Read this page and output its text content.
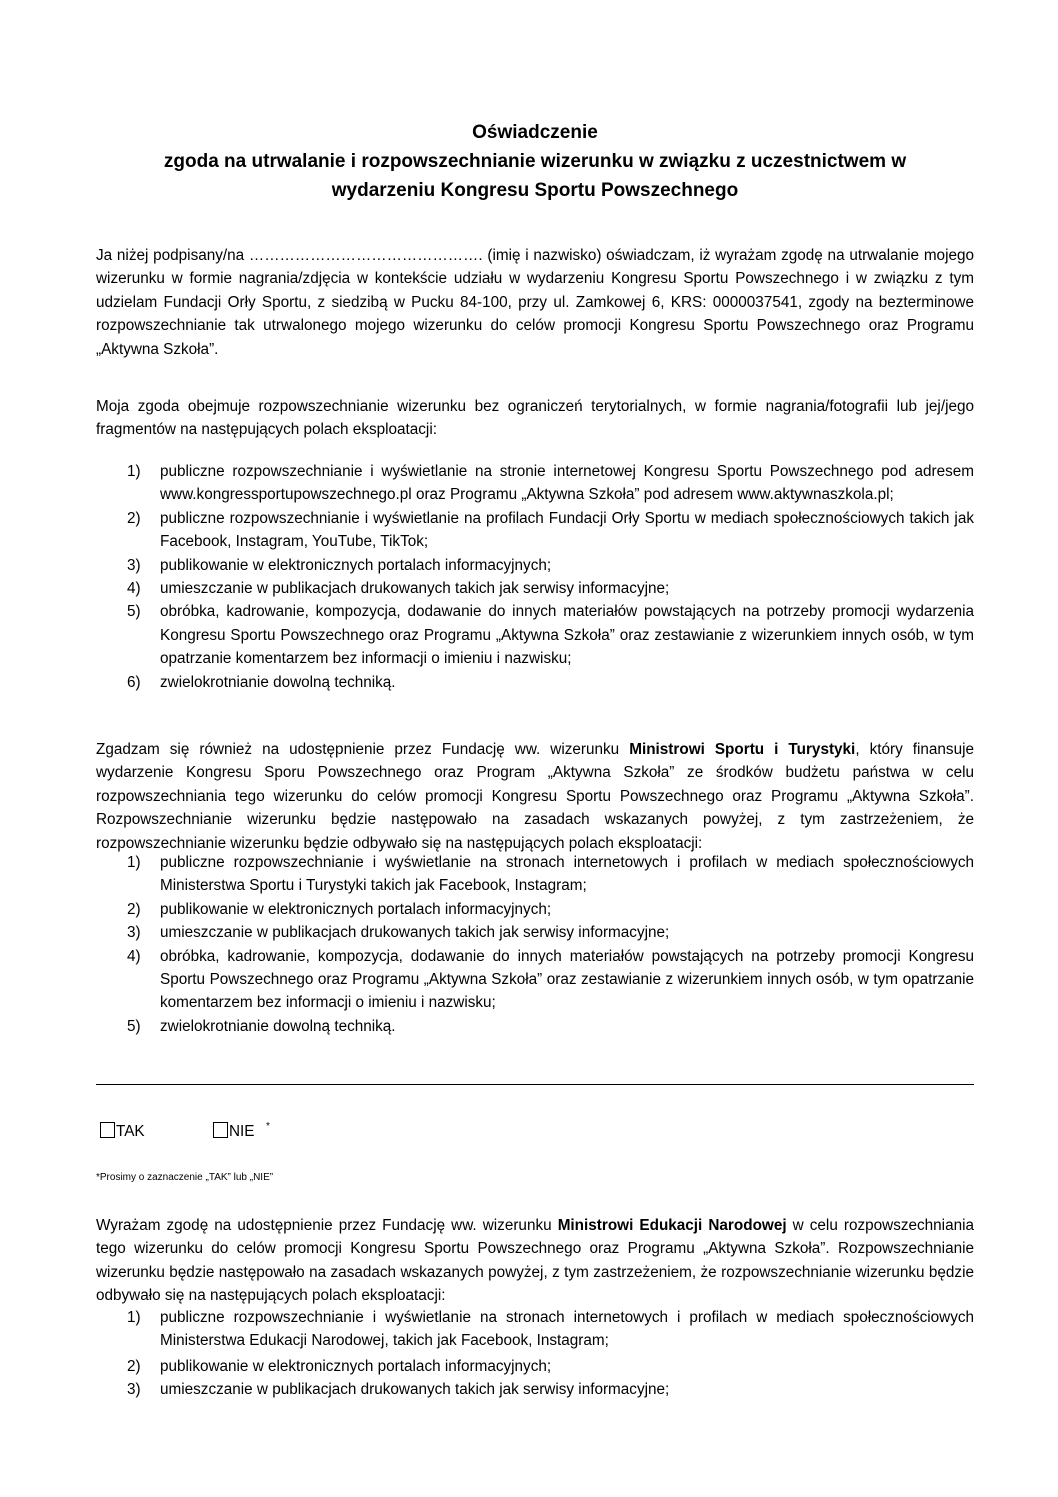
Oświadczenie
zgoda na utrwalanie i rozpowszechnianie wizerunku w związku z uczestnictwem w
wydarzeniu Kongresu Sportu Powszechnego

Ja niżej podpisany/na ………………………………………. (imię i nazwisko) oświadczam, iż wyrażam zgodę na utrwalanie mojego wizerunku w formie nagrania/zdjęcia w kontekście udziału w wydarzeniu Kongresu Sportu Powszechnego i w związku z tym udzielam Fundacji Orły Sportu, z siedzibą w Pucku 84-100, przy ul. Zamkowej 6, KRS: 0000037541, zgody na bezterminowe rozpowszechnianie tak utrwalonego mojego wizerunku do celów promocji Kongresu Sportu Powszechnego oraz Programu „Aktywna Szkoła”.

Moja zgoda obejmuje rozpowszechnianie wizerunku bez ograniczeń terytorialnych, w formie nagrania/fotografii lub jej/jego fragmentów na następujących polach eksploatacji:

1) publiczne rozpowszechnianie i wyświetlanie na stronie internetowej Kongresu Sportu Powszechnego pod adresem www.kongressportupowszechnego.pl oraz Programu „Aktywna Szkoła” pod adresem www.aktywnaszkola.pl;
2) publiczne rozpowszechnianie i wyświetlanie na profilach Fundacji Orły Sportu w mediach społecznościowych takich jak Facebook, Instagram, YouTube, TikTok;
3) publikowanie w elektronicznych portalach informacyjnych;
4) umieszczanie w publikacjach drukowanych takich jak serwisy informacyjne;
5) obróbka, kadrowanie, kompozycja, dodawanie do innych materiałów powstających na potrzeby promocji wydarzenia Kongresu Sportu Powszechnego oraz Programu „Aktywna Szkoła” oraz zestawianie z wizerunkiem innych osób, w tym opatrzanie komentarzem bez informacji o imieniu i nazwisku;
6) zwielokrotnianie dowolną techniką.

Zgadzam się również na udostępnienie przez Fundację ww. wizerunku Ministrowi Sportu i Turystyki, który finansuje wydarzenie Kongresu Sporu Powszechnego oraz Program „Aktywna Szkoła” ze środków budżetu państwa w celu rozpowszechniania tego wizerunku do celów promocji Kongresu Sportu Powszechnego oraz Programu „Aktywna Szkoła”. Rozpowszechnianie wizerunku będzie następowało na zasadach wskazanych powyżej, z tym zastrzeżeniem, że rozpowszechnianie wizerunku będzie odbywało się na następujących polach eksploatacji:

1) publiczne rozpowszechnianie i wyświetlanie na stronach internetowych i profilach w mediach społecznościowych Ministerstwa Sportu i Turystyki takich jak Facebook, Instagram;
2) publikowanie w elektronicznych portalach informacyjnych;
3) umieszczanie w publikacjach drukowanych takich jak serwisy informacyjne;
4) obróbka, kadrowanie, kompozycja, dodawanie do innych materiałów powstających na potrzeby promocji Kongresu Sportu Powszechnego oraz Programu „Aktywna Szkoła” oraz zestawianie z wizerunkiem innych osób, w tym opatrzanie komentarzem bez informacji o imieniu i nazwisku;
5) zwielokrotnianie dowolną techniką.
TAK	NIE *
*Prosimy o zaznaczenie „TAK” lub „NIE”

Wyrażam zgodę na udostępnienie przez Fundację ww. wizerunku Ministrowi Edukacji Narodowej w celu rozpowszechniania tego wizerunku do celów promocji Kongresu Sportu Powszechnego oraz Programu „Aktywna Szkoła”. Rozpowszechnianie wizerunku będzie następowało na zasadach wskazanych powyżej, z tym zastrzeżeniem, że rozpowszechnianie wizerunku będzie odbywało się na następujących polach eksploatacji:

1) publiczne rozpowszechnianie i wyświetlanie na stronach internetowych i profilach w mediach społecznościowych Ministerstwa Edukacji Narodowej, takich jak Facebook, Instagram;
2) publikowanie w elektronicznych portalach informacyjnych;
3) umieszczanie w publikacjach drukowanych takich jak serwisy informacyjne;
